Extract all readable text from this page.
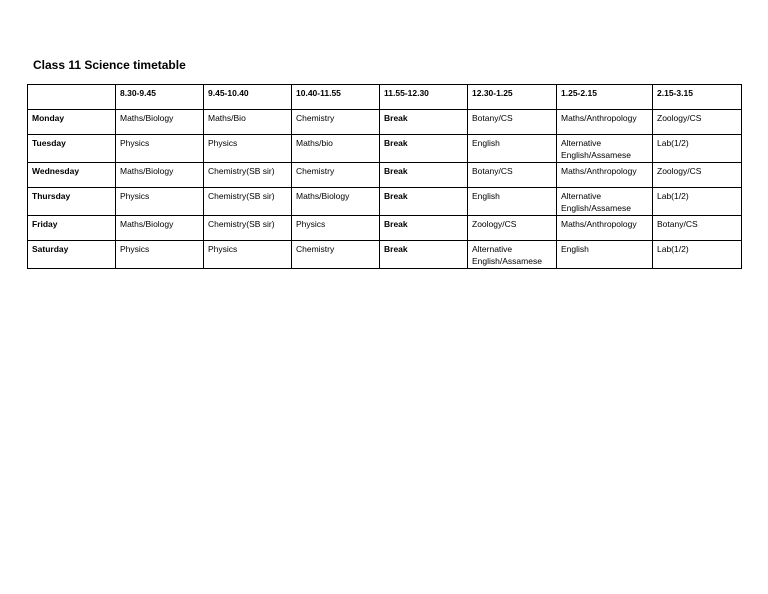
Class 11 Science timetable
	8.30-9.45	9.45-10.40	10.40-11.55	11.55-12.30	12.30-1.25	1.25-2.15	2.15-3.15
Monday	Maths/Biology	Maths/Bio	Chemistry	Break	Botany/CS	Maths/Anthropology	Zoology/CS
Tuesday	Physics	Physics	Maths/bio	Break	English	Alternative English/Assamese	Lab(1/2)
Wednesday	Maths/Biology	Chemistry(SB sir)	Chemistry	Break	Botany/CS	Maths/Anthropology	Zoology/CS
Thursday	Physics	Chemistry(SB sir)	Maths/Biology	Break	English	Alternative English/Assamese	Lab(1/2)
Friday	Maths/Biology	Chemistry(SB sir)	Physics	Break	Zoology/CS	Maths/Anthropology	Botany/CS
Saturday	Physics	Physics	Chemistry	Break	Alternative English/Assamese	English	Lab(1/2)
